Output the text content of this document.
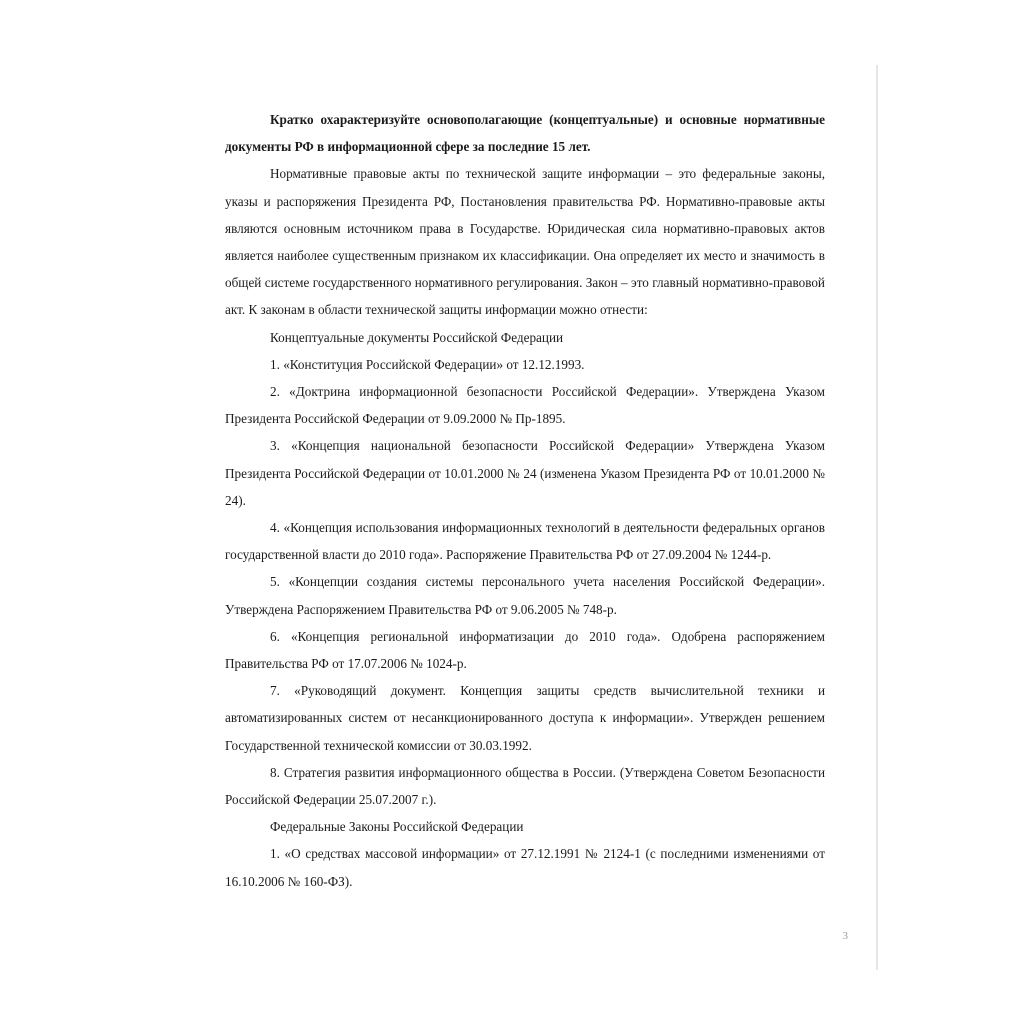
Кратко охарактеризуйте основополагающие (концептуальные) и основные нормативные документы РФ в информационной сфере за последние 15 лет.

Нормативные правовые акты по технической защите информации – это федеральные законы, указы и распоряжения Президента РФ, Постановления правительства РФ. Нормативно-правовые акты являются основным источником права в Государстве. Юридическая сила нормативно-правовых актов является наиболее существенным признаком их классификации. Она определяет их место и значимость в общей системе государственного нормативного регулирования. Закон – это главный нормативно-правовой акт. К законам в области технической защиты информации можно отнести:

Концептуальные документы Российской Федерации

1. «Конституция Российской Федерации» от 12.12.1993.

2. «Доктрина информационной безопасности Российской Федерации». Утверждена Указом Президента Российской Федерации от 9.09.2000 № Пр-1895.

3. «Концепция национальной безопасности Российской Федерации» Утверждена Указом Президента Российской Федерации от 10.01.2000 № 24 (изменена Указом Президента РФ от 10.01.2000 № 24).

4. «Концепция использования информационных технологий в деятельности федеральных органов государственной власти до 2010 года». Распоряжение Правительства РФ от 27.09.2004 № 1244-р.

5. «Концепции создания системы персонального учета населения Российской Федерации». Утверждена Распоряжением Правительства РФ от 9.06.2005 № 748-р.

6. «Концепция региональной информатизации до 2010 года». Одобрена распоряжением Правительства РФ от 17.07.2006 № 1024-р.

7. «Руководящий документ. Концепция защиты средств вычислительной техники и автоматизированных систем от несанкционированного доступа к информации». Утвержден решением Государственной технической комиссии от 30.03.1992.

8. Стратегия развития информационного общества в России. (Утверждена Советом Безопасности Российской Федерации 25.07.2007 г.).

Федеральные Законы Российской Федерации

1. «О средствах массовой информации» от 27.12.1991 № 2124-1 (с последними изменениями от 16.10.2006 № 160-ФЗ).

3
